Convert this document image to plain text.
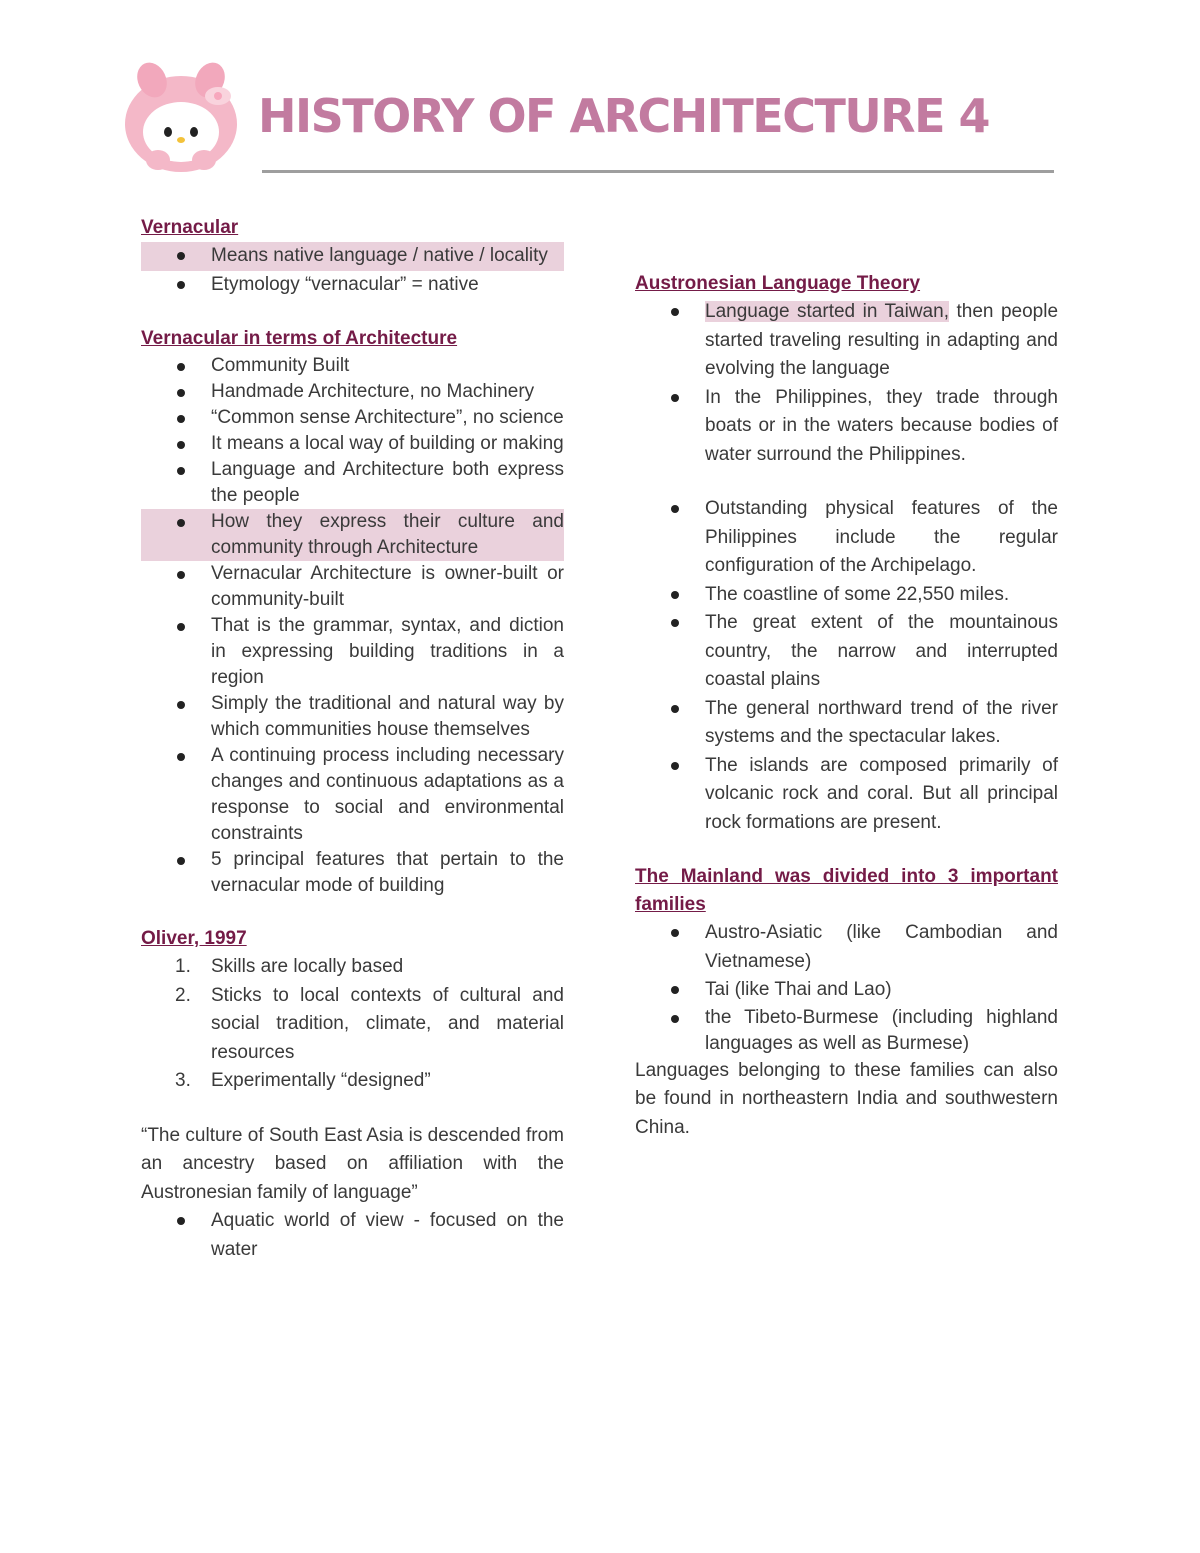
HISTORY OF ARCHITECTURE 4
Vernacular
Means native language / native / locality
Etymology “vernacular” = native
Vernacular in terms of Architecture
Community Built
Handmade Architecture, no Machinery
“Common sense Architecture”, no science
It means a local way of building or making
Language and Architecture both express the people
How they express their culture and community through Architecture
Vernacular Architecture is owner-built or community-built
That is the grammar, syntax, and diction in expressing building traditions in a region
Simply the traditional and natural way by which communities house themselves
A continuing process including necessary changes and continuous adaptations as a response to social and environmental constraints
5 principal features that pertain to the vernacular mode of building
Oliver, 1997
1.	Skills are locally based
2.	Sticks to local contexts of cultural and social tradition, climate, and material resources
3.	Experimentally “designed”

“The culture of South East Asia is descended from an ancestry based on affiliation with the Austronesian family of language”

Aquatic world of view - focused on the water
Austronesian Language Theory
Language started in Taiwan, then people started traveling resulting in adapting and evolving the language
In the Philippines, they trade through boats or in the waters because bodies of water surround the Philippines.
Outstanding physical features of the Philippines include the regular configuration of the Archipelago.
The coastline of some 22,550 miles.
The great extent of the mountainous country, the narrow and interrupted coastal plains
The general northward trend of the river systems and the spectacular lakes.
The islands are composed primarily of volcanic rock and coral. But all principal rock formations are present.
The Mainland was divided into 3 important families
Austro-Asiatic (like Cambodian and Vietnamese)
Tai (like Thai and Lao)
the Tibeto-Burmese (including highland languages as well as Burmese)

Languages belonging to these families can also be found in northeastern India and southwestern China.
